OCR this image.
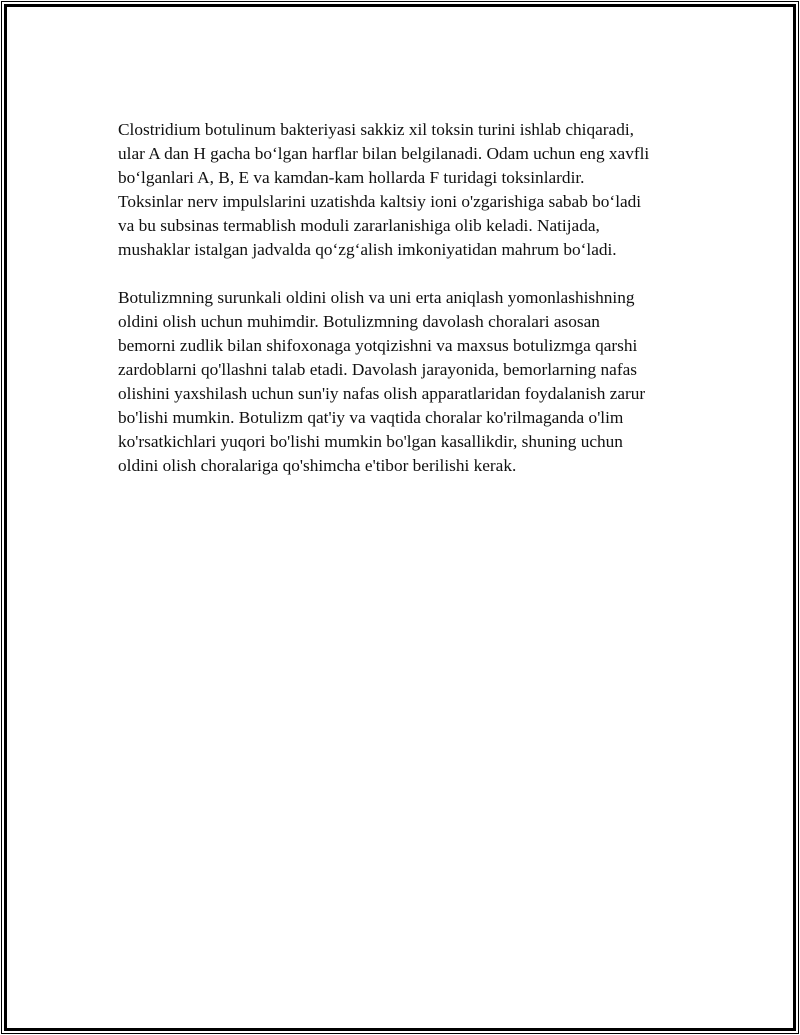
Clostridium botulinum bakteriyasi sakkiz xil toksin turini ishlab chiqaradi,
ular A dan H gacha bo‘lgan harflar bilan belgilanadi. Odam uchun eng xavfli
bo‘lganlari A, B, E va kamdan-kam hollarda F turidagi toksinlardir.
Toksinlar nerv impulslarini uzatishda kaltsiy ioni o'zgarishiga sabab bo‘ladi
va bu subsinas termablish moduli zararlanishiga olib keladi. Natijada,
mushaklar istalgan jadvalda qo‘zg‘alish imkoniyatidan mahrum bo‘ladi.

Botulizmning surunkali oldini olish va uni erta aniqlash yomonlashishning
oldini olish uchun muhimdir. Botulizmning davolash choralari asosan
bemorni zudlik bilan shifoxonaga yotqizishni va maxsus botulizmga qarshi
zardoblarni qo'llashni talab etadi. Davolash jarayonida, bemorlarning nafas
olishini yaxshilash uchun sun'iy nafas olish apparatlaridan foydalanish zarur
bo'lishi mumkin. Botulizm qat'iy va vaqtida choralar ko'rilmaganda o'lim
ko'rsatkichlari yuqori bo'lishi mumkin bo'lgan kasallikdir, shuning uchun
oldini olish choralariga qo'shimcha e'tibor berilishi kerak.
